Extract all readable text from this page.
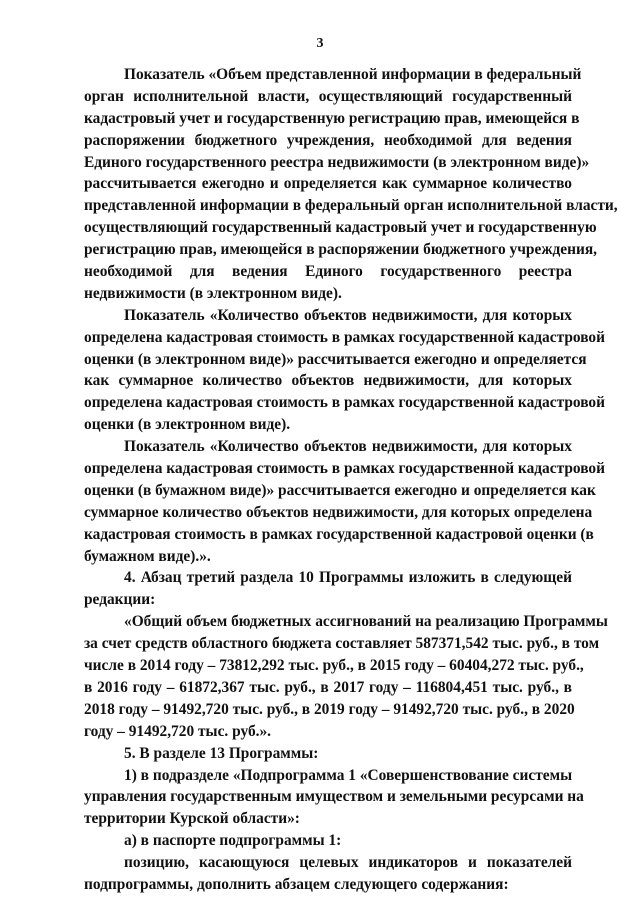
3
Показатель «Объем представленной информации в федеральный
орган исполнительной власти, осуществляющий государственный
кадастровый учет и государственную регистрацию прав, имеющейся в
распоряжении бюджетного учреждения, необходимой для ведения
Единого государственного реестра недвижимости (в электронном виде)»
рассчитывается ежегодно и определяется как суммарное количество
представленной информации в федеральный орган исполнительной власти,
осуществляющий государственный кадастровый учет и государственную
регистрацию прав, имеющейся в распоряжении бюджетного учреждения,
необходимой для ведения Единого государственного реестра
недвижимости (в электронном виде).
Показатель «Количество объектов недвижимости, для которых
определена кадастровая стоимость в рамках государственной кадастровой
оценки (в электронном виде)» рассчитывается ежегодно и определяется
как суммарное количество объектов недвижимости, для которых
определена кадастровая стоимость в рамках государственной кадастровой
оценки (в электронном виде).
Показатель «Количество объектов недвижимости, для которых
определена кадастровая стоимость в рамках государственной кадастровой
оценки (в бумажном виде)» рассчитывается ежегодно и определяется как
суммарное количество объектов недвижимости, для которых определена
кадастровая стоимость в рамках государственной кадастровой оценки (в
бумажном виде).».
4. Абзац третий раздела 10 Программы изложить в следующей
редакции:
«Общий объем бюджетных ассигнований на реализацию Программы
за счет средств областного бюджета составляет 587371,542 тыс. руб., в том
числе в 2014 году – 73812,292 тыс. руб., в 2015 году – 60404,272 тыс. руб.,
в 2016 году – 61872,367 тыс. руб., в 2017 году – 116804,451 тыс. руб., в
2018 году – 91492,720 тыс. руб., в 2019 году – 91492,720 тыс. руб., в 2020
году – 91492,720 тыс. руб.».
5. В разделе 13 Программы:
1) в подразделе «Подпрограмма 1 «Совершенствование системы
управления государственным имуществом и земельными ресурсами на
территории Курской области»:
а) в паспорте подпрограммы 1:
позицию, касающуюся целевых индикаторов и показателей
подпрограммы, дополнить абзацем следующего содержания:
